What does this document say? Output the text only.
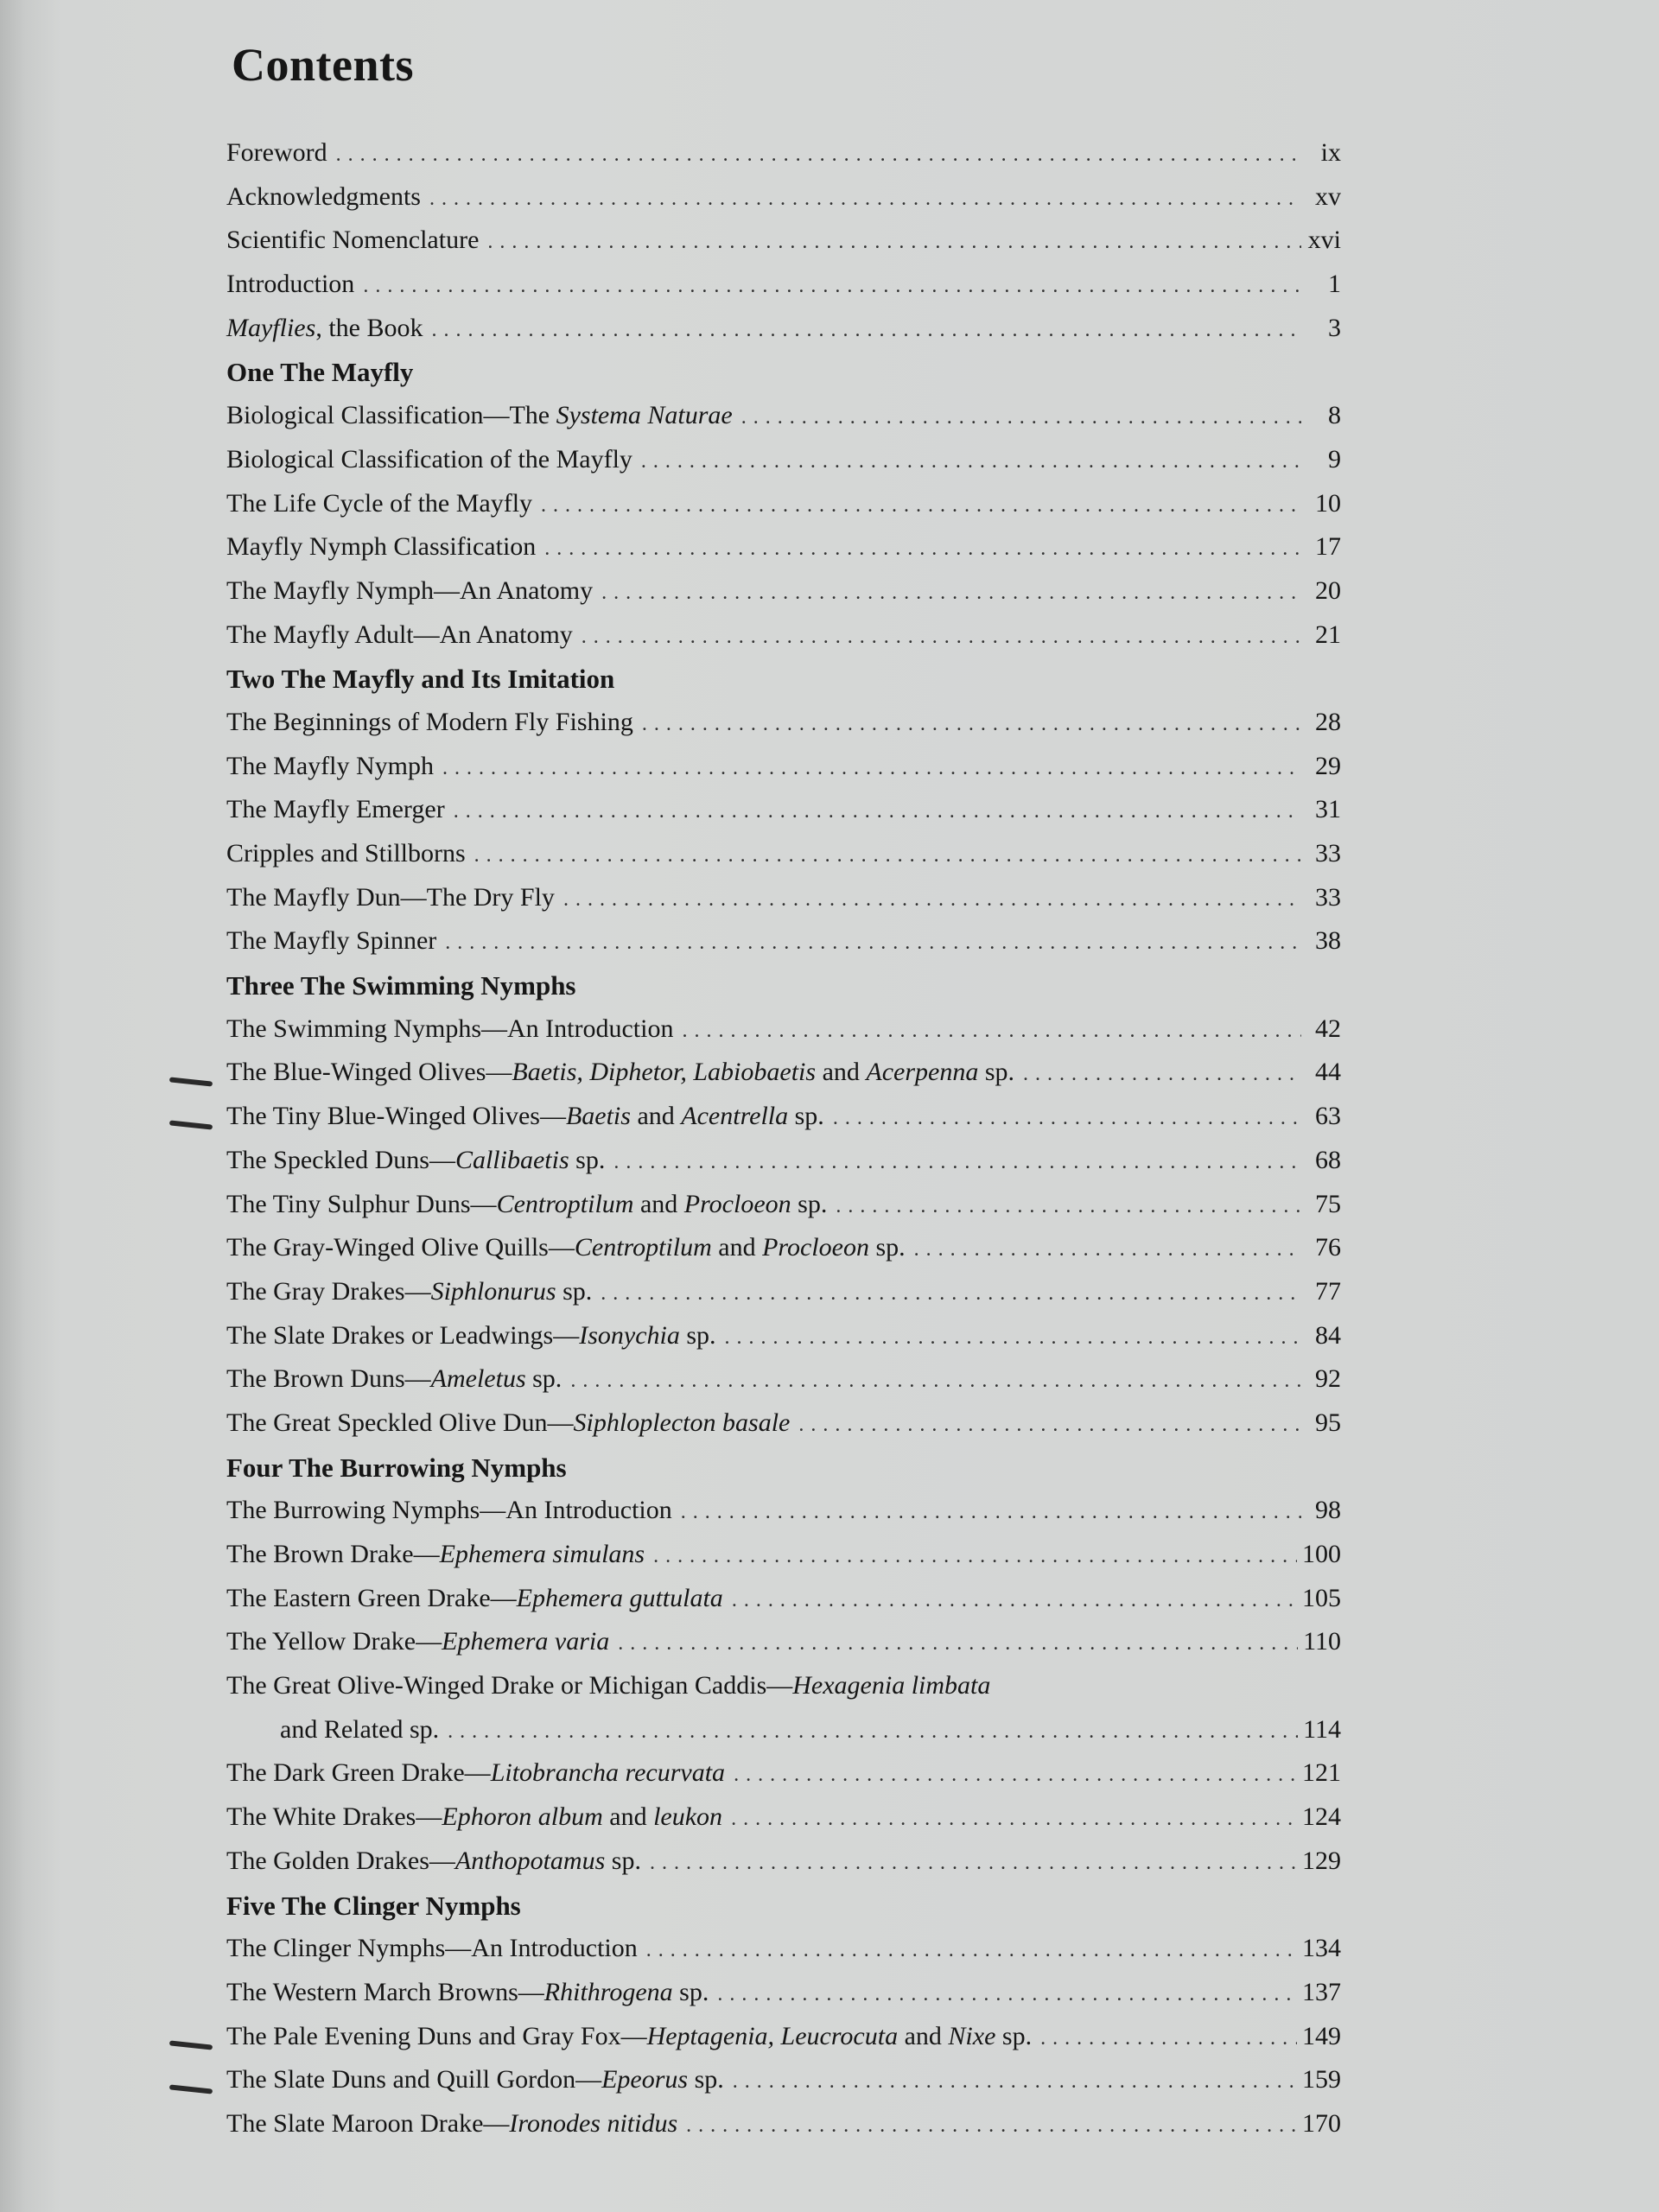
Contents
Foreword
. . .	ix
Acknowledgments
. . .	xv
Scientific Nomenclature
. . .	xvi
Introduction
. . .	1
Mayflies, the Book
. . .	3
One The Mayfly
Biological Classification—The Systema Naturae
. . .	8
Biological Classification of the Mayfly
. . .	9
The Life Cycle of the Mayfly
. . .	10
Mayfly Nymph Classification
. . .	17
The Mayfly Nymph—An Anatomy
. . .	20
The Mayfly Adult—An Anatomy
. . .	21
Two The Mayfly and Its Imitation
The Beginnings of Modern Fly Fishing
. . .	28
The Mayfly Nymph
. . .	29
The Mayfly Emerger
. . .	31
Cripples and Stillborns
. . .	33
The Mayfly Dun—The Dry Fly
. . .	33
The Mayfly Spinner
. . .	38
Three The Swimming Nymphs
The Swimming Nymphs—An Introduction
. . .	42
The Blue-Winged Olives—Baetis, Diphetor, Labiobaetis and Acerpenna sp.
. . .	44
The Tiny Blue-Winged Olives—Baetis and Acentrella sp.
. . .	63
The Speckled Duns—Callibaetis sp.
. . .	68
The Tiny Sulphur Duns—Centroptilum and Procloeon sp.
. . .	75
The Gray-Winged Olive Quills—Centroptilum and Procloeon sp.
. . .	76
The Gray Drakes—Siphlonurus sp.
. . .	77
The Slate Drakes or Leadwings—Isonychia sp.
. . .	84
The Brown Duns—Ameletus sp.
. . .	92
The Great Speckled Olive Dun—Siphloplecton basale
. . .	95
Four The Burrowing Nymphs
The Burrowing Nymphs—An Introduction
. . .	98
The Brown Drake—Ephemera simulans
. . .	100
The Eastern Green Drake—Ephemera guttulata
. . .	105
The Yellow Drake—Ephemera varia
. . .	110
The Great Olive-Winged Drake or Michigan Caddis—Hexagenia limbata
and Related sp.
. . .	114
The Dark Green Drake—Litobrancha recurvata
. . .	121
The White Drakes—Ephoron album and leukon
. . .	124
The Golden Drakes—Anthopotamus sp.
. . .	129
Five The Clinger Nymphs
The Clinger Nymphs—An Introduction
. . .	134
The Western March Browns—Rhithrogena sp.
. . .	137
The Pale Evening Duns and Gray Fox—Heptagenia, Leucrocuta and Nixe sp.
. . .	149
The Slate Duns and Quill Gordon—Epeorus sp.
. . .	159
The Slate Maroon Drake—Ironodes nitidus
. . .	170
